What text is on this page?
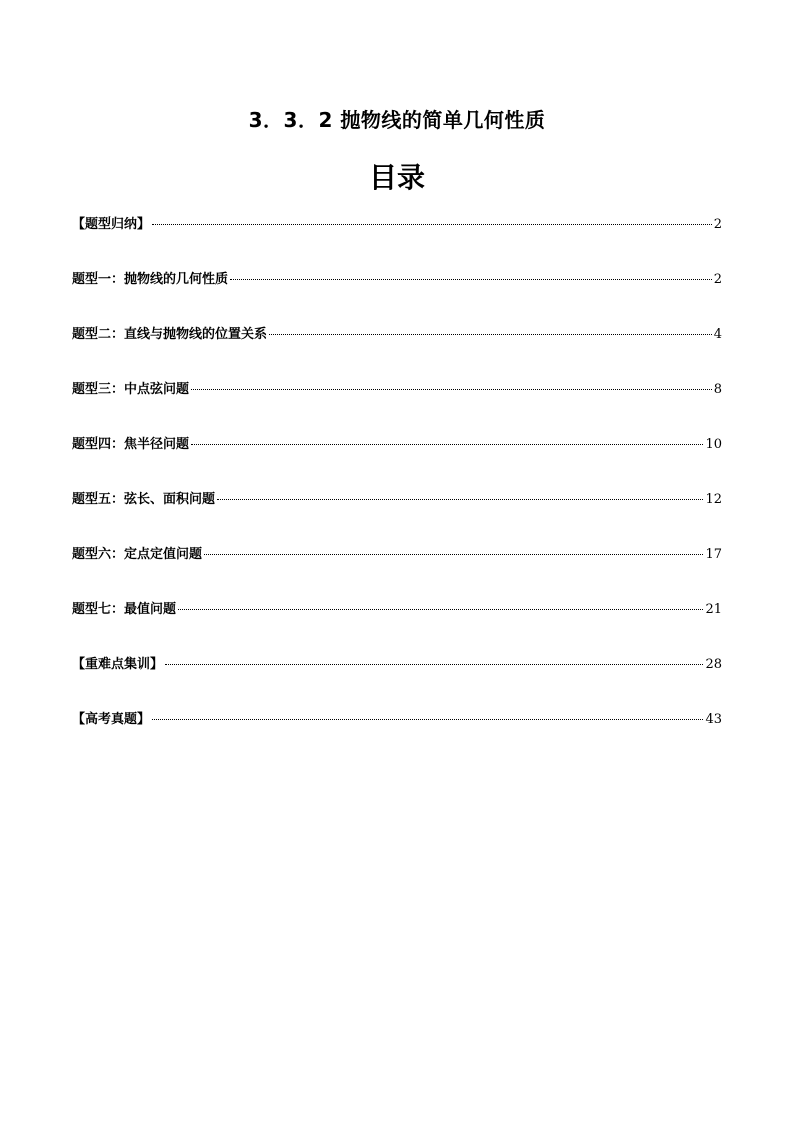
3．3．2 抛物线的简单几何性质
目录
【题型归纳】	2
题型一：抛物线的几何性质	2
题型二：直线与抛物线的位置关系	4
题型三：中点弦问题	8
题型四：焦半径问题	10
题型五：弦长、面积问题	12
题型六：定点定值问题	17
题型七：最值问题	21
【重难点集训】	28
【高考真题】	43
